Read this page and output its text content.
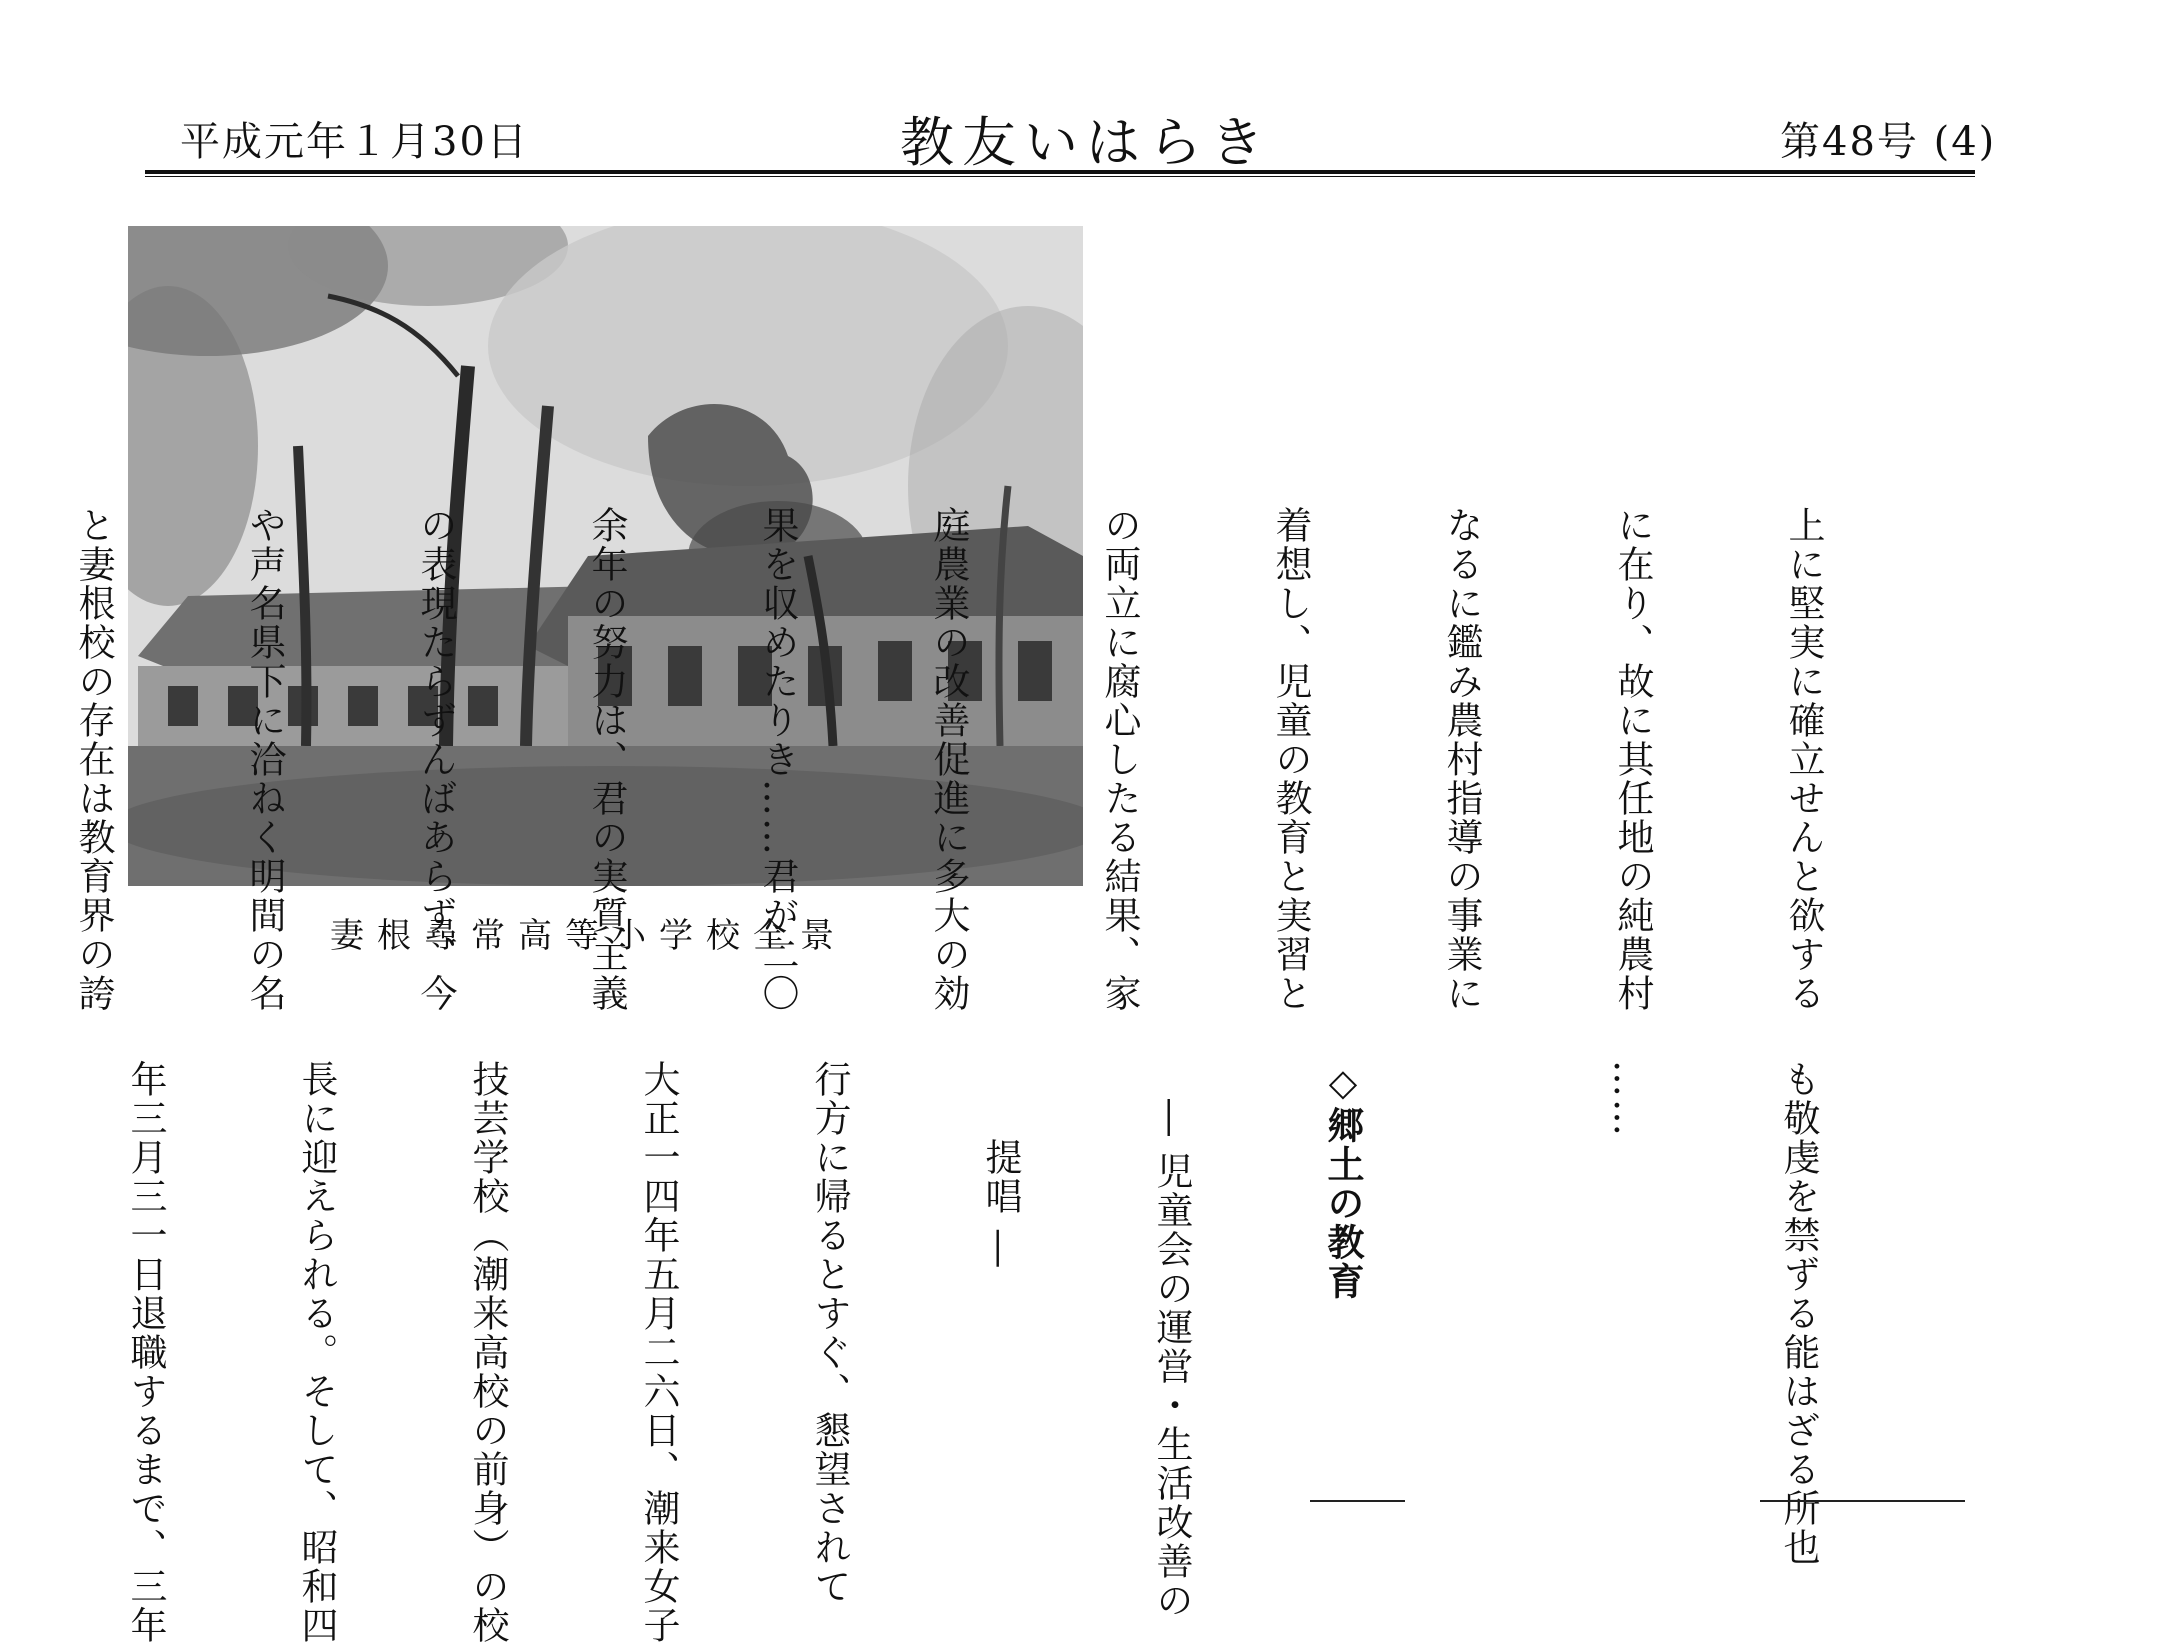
平成元年１月30日	教友いはらき	第48号 (4)
妻根尋常高等小学校全景

	上に堅実に確立せんと欲する

に在り、故に其任地の純農村

なるに鑑み農村指導の事業に

着想し、児童の教育と実習と

の両立に腐心したる結果、家

庭農業の改善促進に多大の効

果を収めたりき……君が二〇

余年の努力は、君の実質主義

の表現たらずんばあらず、今

や声名県下に洽ねく明間の名

と妻根校の存在は教育界の誇

も敬虔を禁ずる能はざる所也

……

◇郷土の教育

　― 児童会の運営・生活改善の

　　提唱 ―

行方に帰るとすぐ、懇望されて

大正一四年五月二六日、潮来女子

技芸学校（潮来高校の前身）の校

長に迎えられる。そして、昭和四

年三月三一日退職するまで、三年
